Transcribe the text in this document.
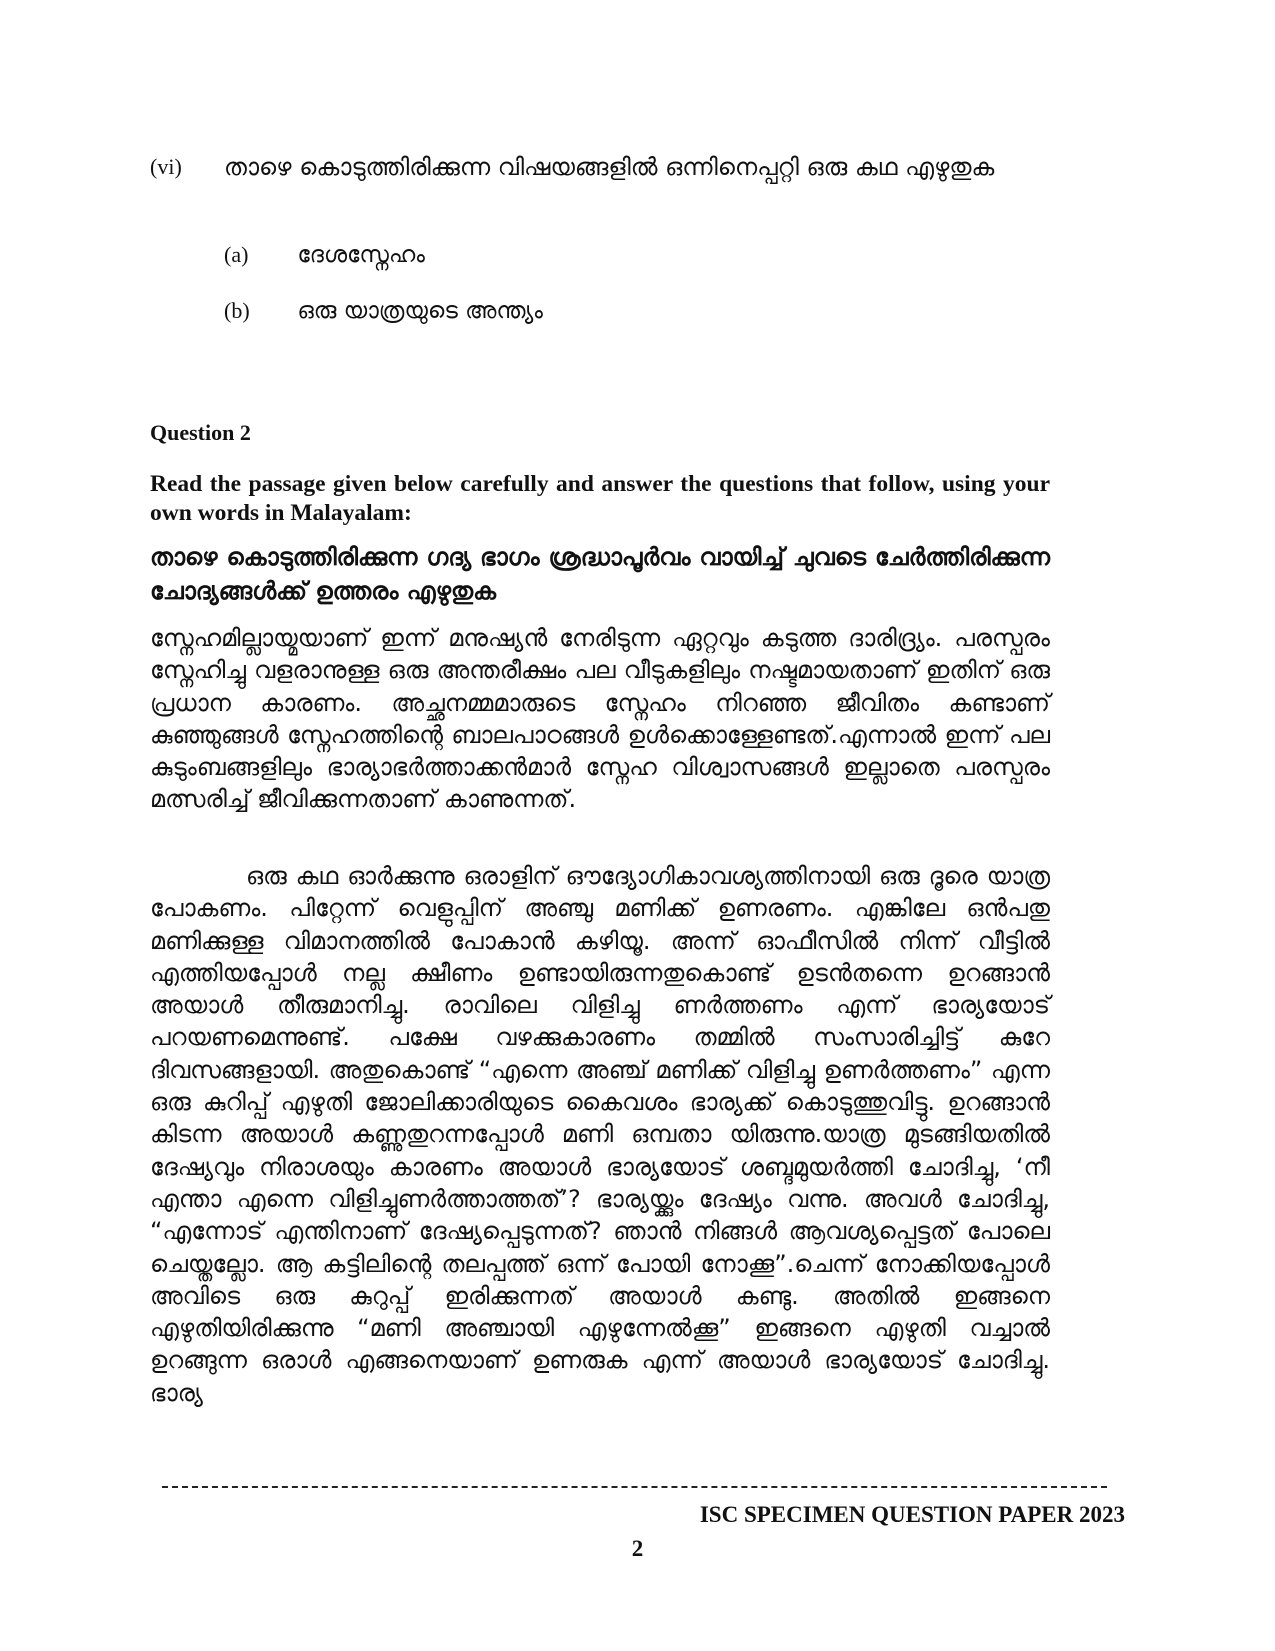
(vi) താഴെ കൊടുത്തിരിക്കുന്ന വിഷയങ്ങളിൽ ഒന്നിനെപ്പറ്റി ഒരു കഥ എഴുതുക
(a) ദേശസ്നേഹം
(b) ഒരു യാത്രയുടെ അന്ത്യം
Question 2
Read the passage given below carefully and answer the questions that follow, using your own words in Malayalam:
താഴെ കൊടുത്തിരിക്കുന്ന ഗദ്യ ഭാഗം ശ്രദ്ധാപൂർവം വായിച്ച് ചുവടെ ചേർത്തിരിക്കുന്ന ചോദ്യങ്ങൾക്ക് ഉത്തരം എഴുതുക

സ്നേഹമില്ലായ്മയാണ് ഇന്ന് മനുഷ്യൻ നേരിടുന്ന ഏറ്റവും കടുത്ത ദാരിദ്ര്യം. പരസ്പരം സ്നേഹിച്ചു വളരാനുള്ള ഒരു അന്തരീക്ഷം പല വീടുകളിലും നഷ്ടമായതാണ് ഇതിന് ഒരു പ്രധാന കാരണം. അച്ഛനമ്മമാരുടെ സ്നേഹം നിറഞ്ഞ ജീവിതം കണ്ടാണ് കുഞ്ഞുങ്ങൾ സ്നേഹത്തിന്റെ ബാലപാഠങ്ങൾ ഉൾക്കൊള്ളേണ്ടത്.എന്നാൽ ഇന്ന് പല കുടുംബങ്ങളിലും ഭാര്യാഭർത്താക്കൻമാർ സ്നേഹ വിശ്വാസങ്ങൾ ഇല്ലാതെ പരസ്പരം മത്സരിച്ച് ജീവിക്കുന്നതാണ് കാണുന്നത്.

ഒരു കഥ ഓർക്കുന്നു ഒരാളിന് ഔദ്യോഗികാവശ്യത്തിനായി ഒരു ദൂരെ യാത്ര പോകണം. പിറ്റേന്ന് വെളുപ്പിന് അഞ്ചു മണിക്ക് ഉണരണം. എങ്കിലേ ഒൻപതു മണിക്കുള്ള വിമാനത്തിൽ പോകാൻ കഴിയൂ. അന്ന് ഓഫീസിൽ നിന്ന് വീട്ടിൽ എത്തിയപ്പോൾ നല്ല ക്ഷീണം ഉണ്ടായിരുന്നതുകൊണ്ട് ഉടൻതന്നെ ഉറങ്ങാൻ അയാൾ തീരുമാനിച്ചു. രാവിലെ വിളിച്ചു ണർത്തണം എന്ന് ഭാര്യയോട് പറയണമെന്നുണ്ട്. പക്ഷേ വഴക്കുകാരണം തമ്മിൽ സംസാരിച്ചിട്ട് കുറേ ദിവസങ്ങളായി. അതുകൊണ്ട് “എന്നെ അഞ്ച് മണിക്ക് വിളിച്ചു ഉണർത്തണം” എന്ന ഒരു കുറിപ്പ് എഴുതി ജോലിക്കാരിയുടെ കൈവശം ഭാര്യക്ക് കൊടുത്തുവിട്ടു. ഉറങ്ങാൻ കിടന്ന അയാൾ കണ്ണുതുറന്നപ്പോൾ മണി ഒമ്പതാ യിരുന്നു.യാത്ര മുടങ്ങിയതിൽ ദേഷ്യവും നിരാശയും കാരണം അയാൾ ഭാര്യയോട് ശബ്ദമുയർത്തി ചോദിച്ചു, ‘നീ എന്താ എന്നെ വിളിച്ചുണർത്താത്തത്’? ഭാര്യയ്ക്കും ദേഷ്യം വന്നു. അവൾ ചോദിച്ചു, “എന്നോട് എന്തിനാണ് ദേഷ്യപ്പെടുന്നത്? ഞാൻ നിങ്ങൾ ആവശ്യപ്പെട്ടത് പോലെ ചെയ്തല്ലോ. ആ കട്ടിലിന്റെ തലപ്പത്ത് ഒന്ന് പോയി നോക്കൂ”.ചെന്ന് നോക്കിയപ്പോൾ അവിടെ ഒരു കുറുപ്പ് ഇരിക്കുന്നത് അയാൾ കണ്ടു. അതിൽ ഇങ്ങനെ എഴുതിയിരിക്കുന്നു “മണി അഞ്ചായി എഴുന്നേൽക്കൂ” ഇങ്ങനെ എഴുതി വച്ചാൽ ഉറങ്ങുന്ന ഒരാൾ എങ്ങനെയാണ് ഉണരുക എന്ന് അയാൾ ഭാര്യയോട് ചോദിച്ചു. ഭാര്യ

ISC SPECIMEN QUESTION PAPER 2023
2
